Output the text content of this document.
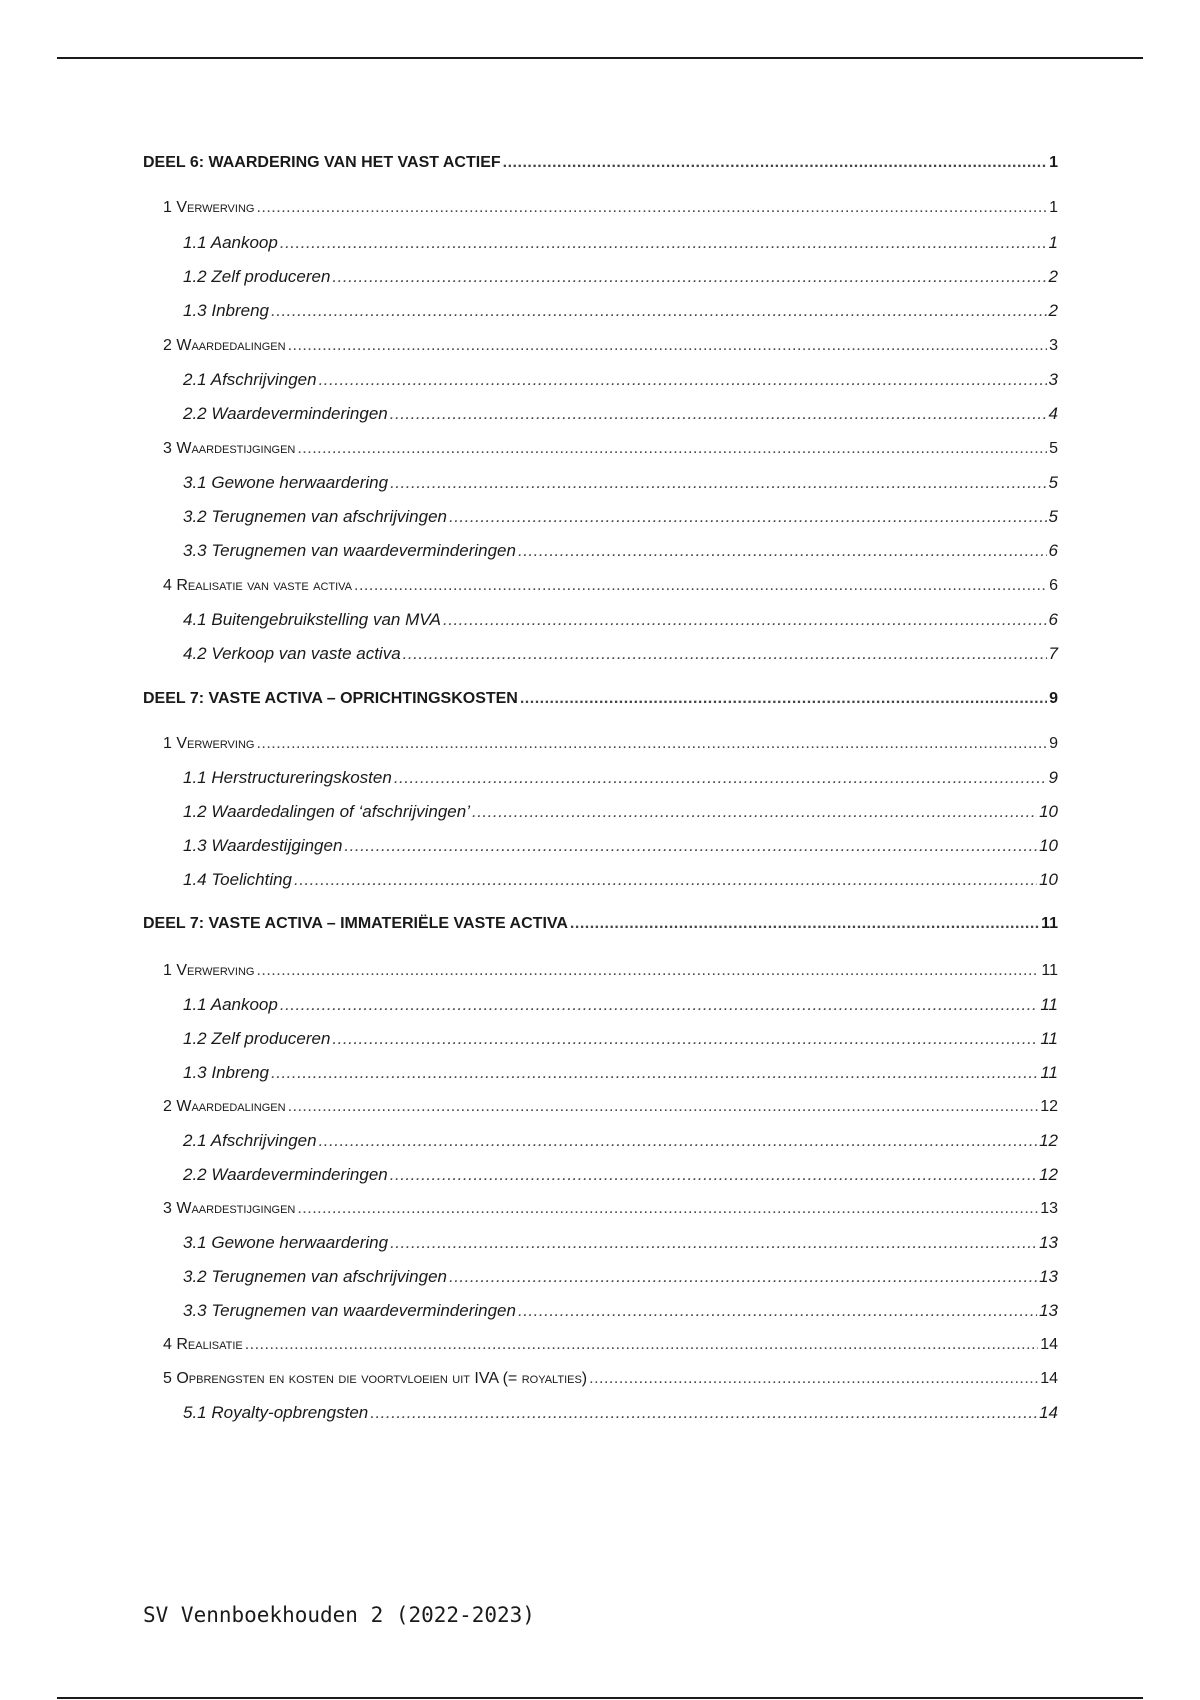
DEEL 6: WAARDERING VAN HET VAST ACTIEF .....	1
1 Verwerving .....	1
1.1 Aankoop .....	1
1.2 Zelf produceren .....	2
1.3 Inbreng .....	2
2 Waardedalingen .....	3
2.1 Afschrijvingen .....	3
2.2 Waardeverminderingen .....	4
3 Waardestijgingen .....	5
3.1 Gewone herwaardering .....	5
3.2 Terugnemen van afschrijvingen .....	5
3.3 Terugnemen van waardeverminderingen .....	6
4 Realisatie van vaste activa .....	6
4.1 Buitengebruikstelling van MVA .....	6
4.2 Verkoop van vaste activa .....	7
DEEL 7: VASTE ACTIVA – OPRICHTINGSKOSTEN .....	9
1 Verwerving .....	9
1.1 Herstructureringskosten .....	9
1.2 Waardedalingen of ‘afschrijvingen’ .....	10
1.3 Waardestijgingen .....	10
1.4 Toelichting .....	10
DEEL 7: VASTE ACTIVA – IMMATERIËLE VASTE ACTIVA .....	11
1 Verwerving .....	11
1.1 Aankoop .....	11
1.2 Zelf produceren .....	11
1.3 Inbreng .....	11
2 Waardedalingen .....	12
2.1 Afschrijvingen .....	12
2.2 Waardeverminderingen .....	12
3 Waardestijgingen .....	13
3.1 Gewone herwaardering .....	13
3.2 Terugnemen van afschrijvingen .....	13
3.3 Terugnemen van waardeverminderingen .....	13
4 Realisatie .....	14
5 Opbrengsten en kosten die voortvloeien uit IVA (= royalties) .....	14
5.1 Royalty-opbrengsten .....	14
SV Vennboekhouden 2 (2022-2023)
